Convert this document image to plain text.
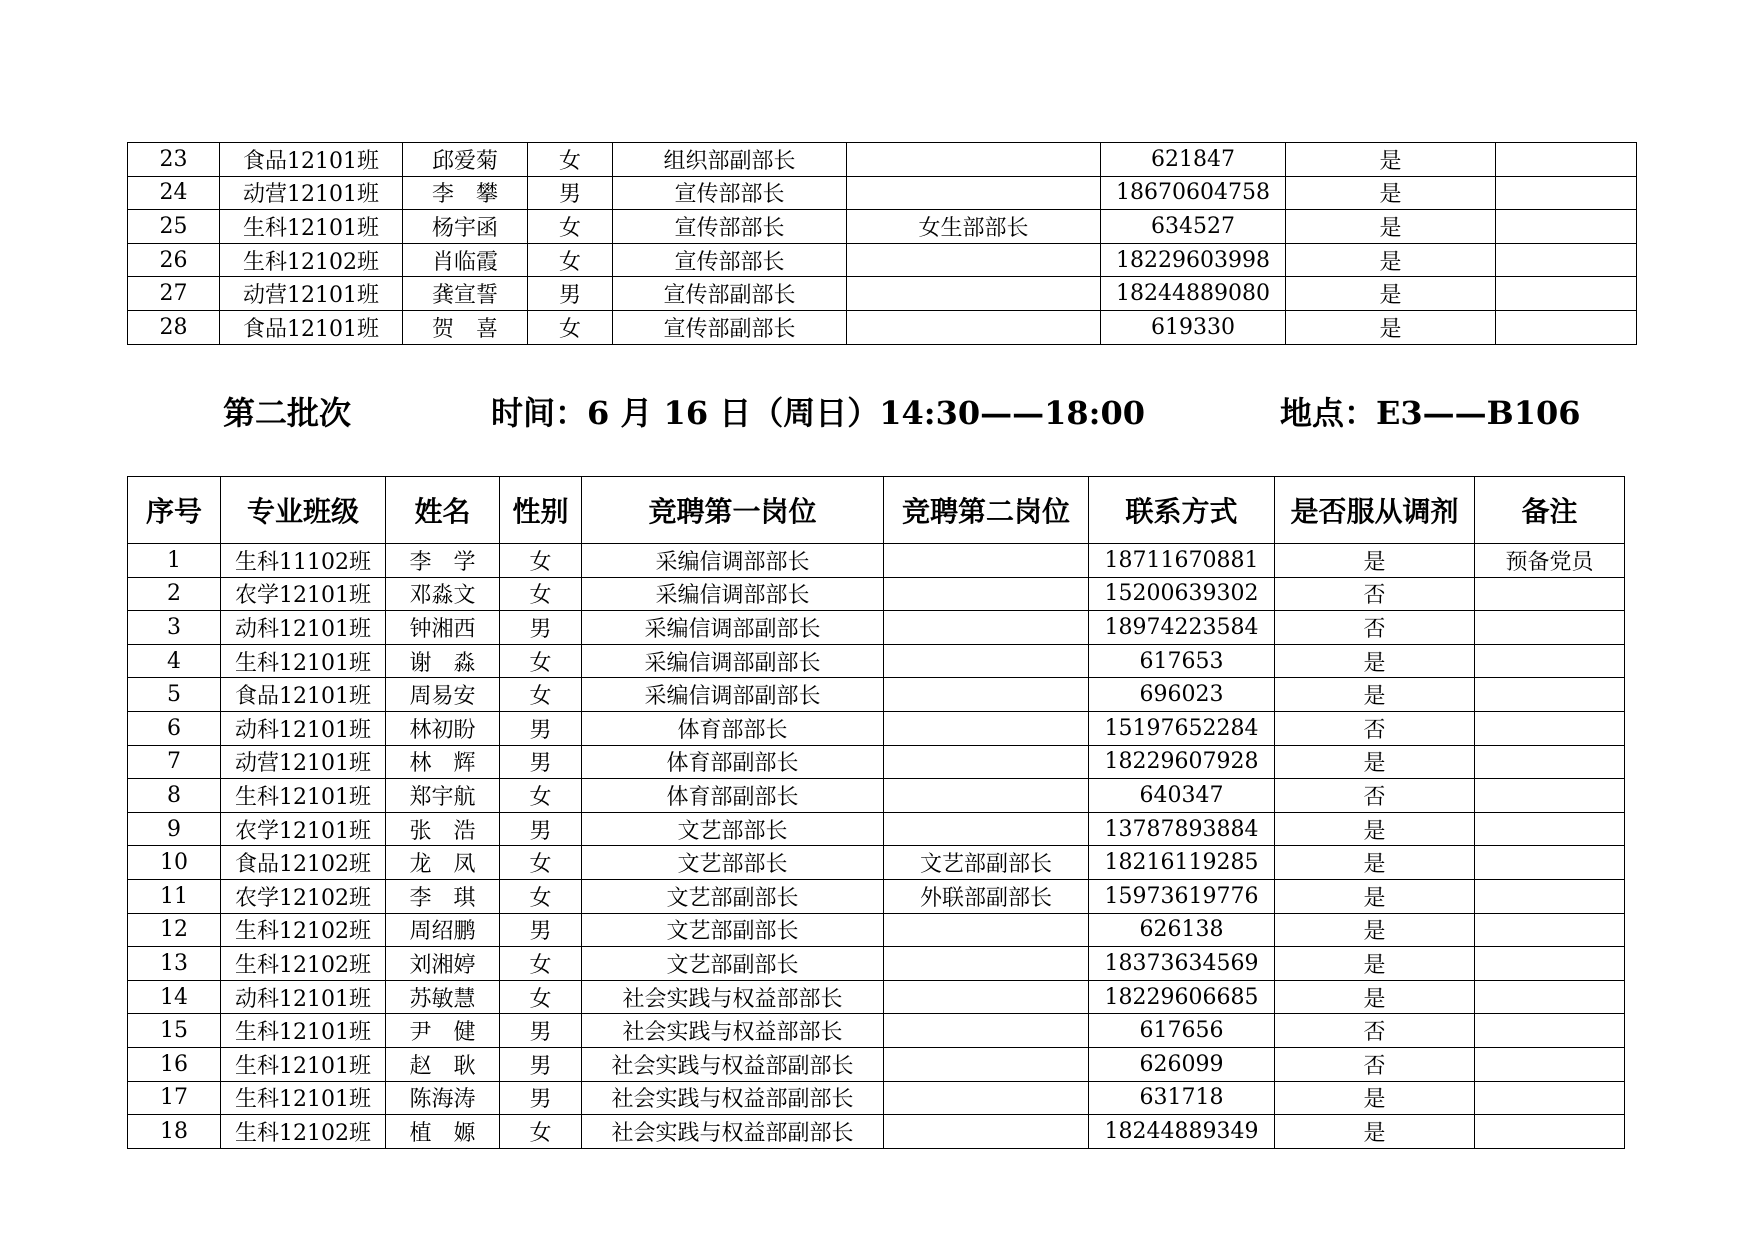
23	食品12101班	邱爱菊	女	组织部副部长		621847	是	
24	动营12101班	李　攀	男	宣传部部长		18670604758	是	
25	生科12101班	杨宇函	女	宣传部部长	女生部部长	634527	是	
26	生科12102班	肖临霞	女	宣传部部长		18229603998	是	
27	动营12101班	龚宣誓	男	宣传部副部长		18244889080	是	
28	食品12101班	贺　喜	女	宣传部副部长		619330	是	
第二批次	时间：6 月 16 日（周日）14:30——18:00	地点：E3——B106
序号	专业班级	姓名	性别	竞聘第一岗位	竞聘第二岗位	联系方式	是否服从调剂	备注
1	生科11102班	李　学	女	采编信调部部长		18711670881	是	预备党员
2	农学12101班	邓淼文	女	采编信调部部长		15200639302	否	
3	动科12101班	钟湘西	男	采编信调部副部长		18974223584	否	
4	生科12101班	谢　淼	女	采编信调部副部长		617653	是	
5	食品12101班	周易安	女	采编信调部副部长		696023	是	
6	动科12101班	林初盼	男	体育部部长		15197652284	否	
7	动营12101班	林　辉	男	体育部副部长		18229607928	是	
8	生科12101班	郑宇航	女	体育部副部长		640347	否	
9	农学12101班	张　浩	男	文艺部部长		13787893884	是	
10	食品12102班	龙　凤	女	文艺部部长	文艺部副部长	18216119285	是	
11	农学12102班	李　琪	女	文艺部副部长	外联部副部长	15973619776	是	
12	生科12102班	周绍鹏	男	文艺部副部长		626138	是	
13	生科12102班	刘湘婷	女	文艺部副部长		18373634569	是	
14	动科12101班	苏敏慧	女	社会实践与权益部部长		18229606685	是	
15	生科12101班	尹　健	男	社会实践与权益部部长		617656	否	
16	生科12101班	赵　耿	男	社会实践与权益部副部长		626099	否	
17	生科12101班	陈海涛	男	社会实践与权益部副部长		631718	是	
18	生科12102班	植　嫄	女	社会实践与权益部副部长		18244889349	是	
